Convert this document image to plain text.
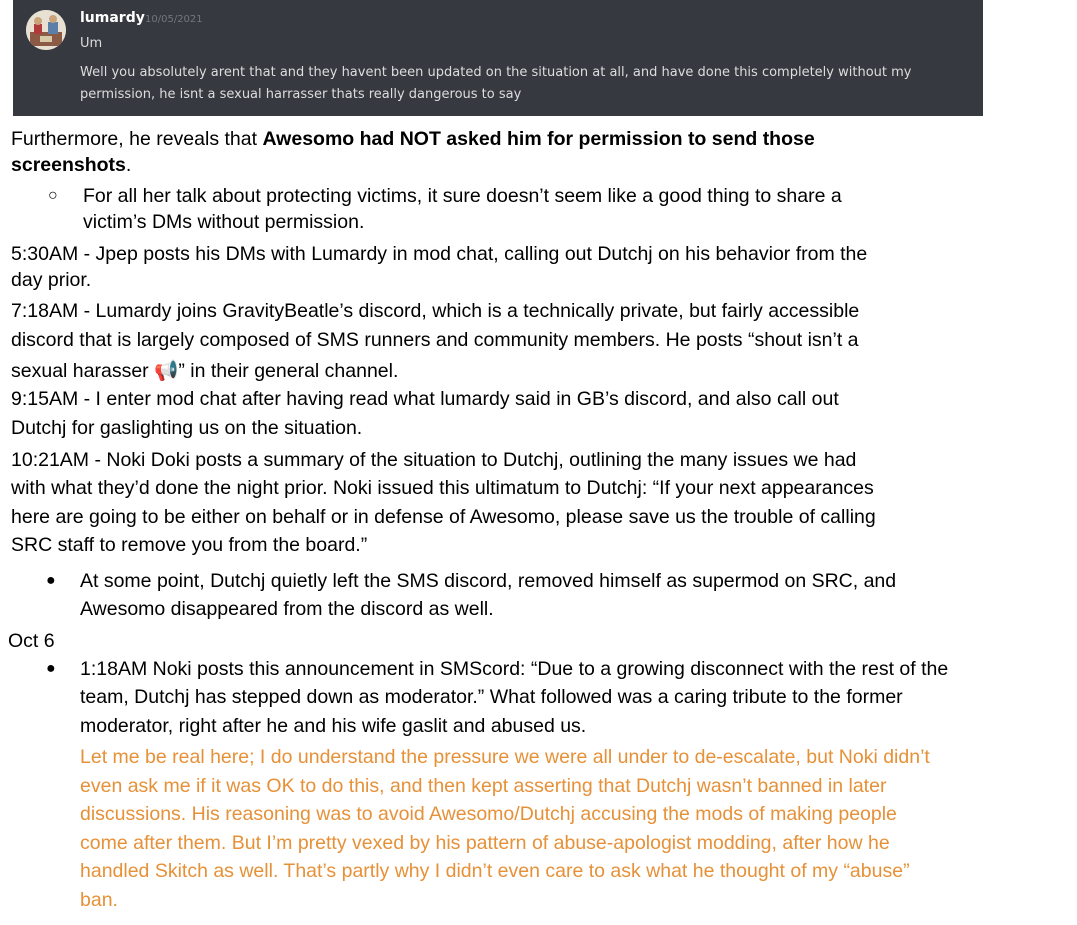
lumardy 10/05/2021
Um
Well you absolutely arent that and they havent been updated on the situation at all, and have done this completely without my
permission, he isnt a sexual harrasser thats really dangerous to say
Furthermore, he reveals that Awesomo had NOT asked him for permission to send those
screenshots.
○ For all her talk about protecting victims, it sure doesn’t seem like a good thing to share a
victim’s DMs without permission.
5:30AM - Jpep posts his DMs with Lumardy in mod chat, calling out Dutchj on his behavior from the
day prior.
7:18AM - Lumardy joins GravityBeatle’s discord, which is a technically private, but fairly accessible
discord that is largely composed of SMS runners and community members. He posts “shout isn’t a
sexual harasser 📢” in their general channel.
9:15AM - I enter mod chat after having read what lumardy said in GB’s discord, and also call out
Dutchj for gaslighting us on the situation.
10:21AM - Noki Doki posts a summary of the situation to Dutchj, outlining the many issues we had
with what they’d done the night prior. Noki issued this ultimatum to Dutchj: “If your next appearances
here are going to be either on behalf or in defense of Awesomo, please save us the trouble of calling
SRC staff to remove you from the board.”
● At some point, Dutchj quietly left the SMS discord, removed himself as supermod on SRC, and
Awesomo disappeared from the discord as well.
Oct 6
● 1:18AM Noki posts this announcement in SMScord: “Due to a growing disconnect with the rest of the
team, Dutchj has stepped down as moderator.” What followed was a caring tribute to the former
moderator, right after he and his wife gaslit and abused us.
Let me be real here; I do understand the pressure we were all under to de-escalate, but Noki didn’t
even ask me if it was OK to do this, and then kept asserting that Dutchj wasn’t banned in later
discussions. His reasoning was to avoid Awesomo/Dutchj accusing the mods of making people
come after them. But I’m pretty vexed by his pattern of abuse-apologist modding, after how he
handled Skitch as well. That’s partly why I didn’t even care to ask what he thought of my “abuse”
ban.
